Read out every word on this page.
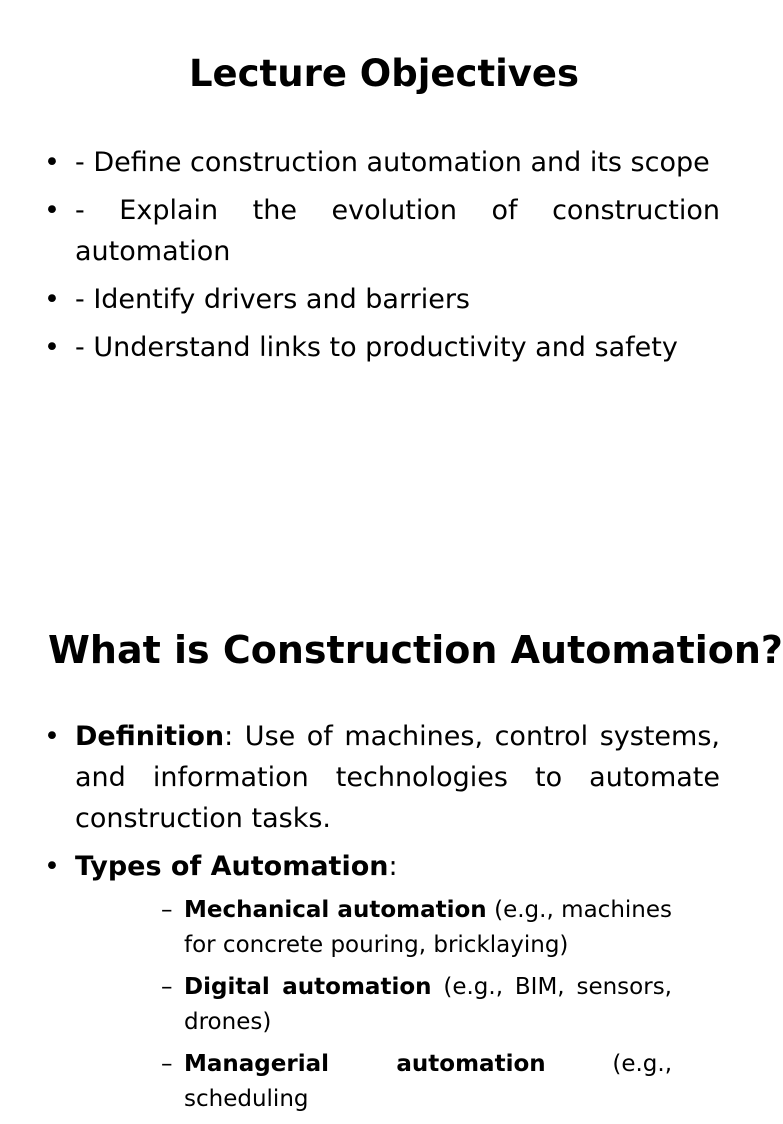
Lecture Objectives
• - Define construction automation and its scope
• - Explain the evolution of construction automation
• - Identify drivers and barriers
• - Understand links to productivity and safety
What is Construction Automation?
• Definition: Use of machines, control systems, and information technologies to automate construction tasks.
• Types of Automation:
– Mechanical automation (e.g., machines for concrete pouring, bricklaying)
– Digital automation (e.g., BIM, sensors, drones)
– Managerial automation (e.g., scheduling
